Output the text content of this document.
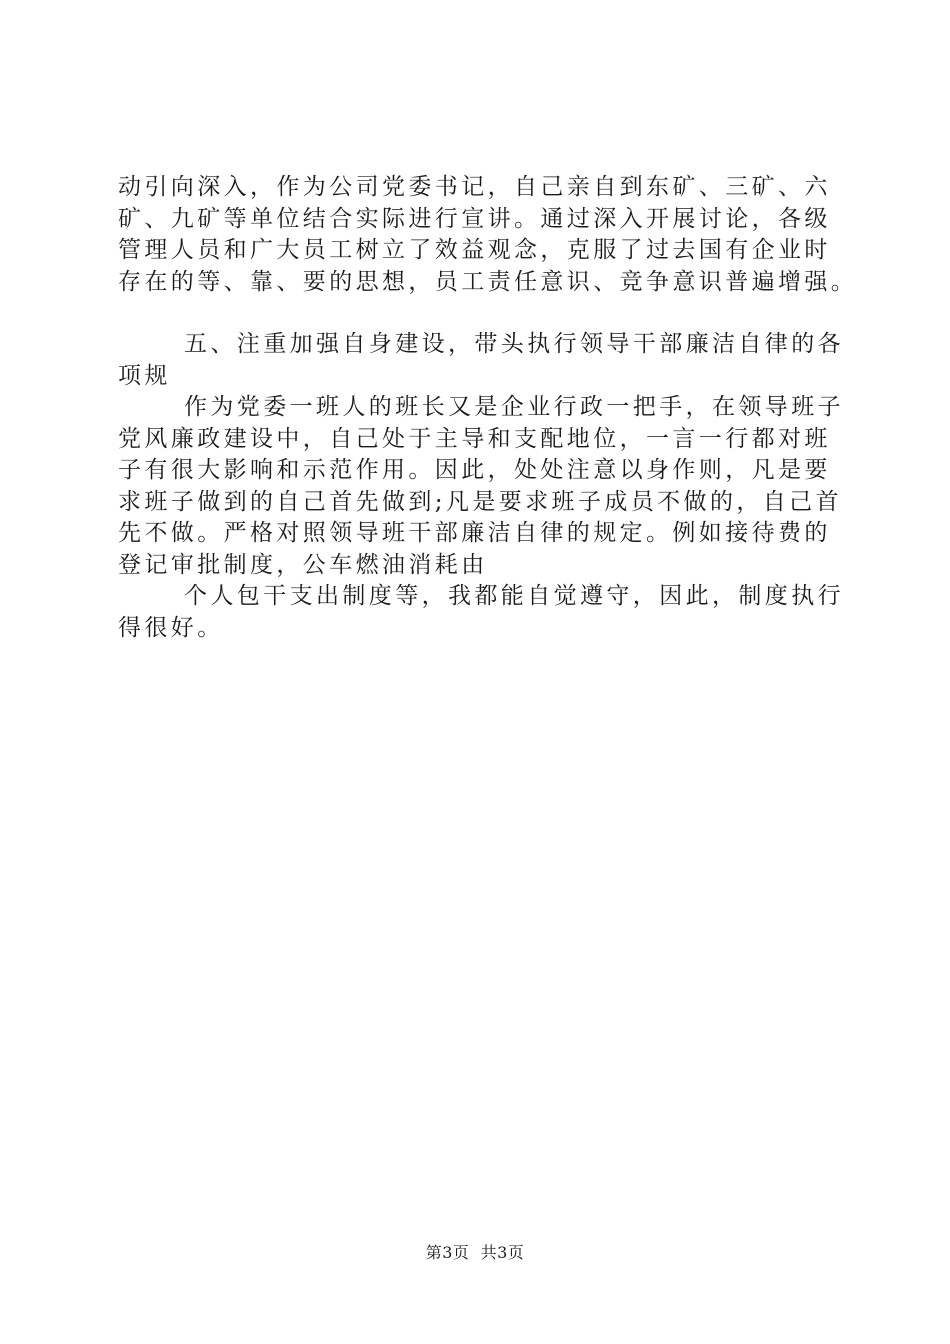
动引向深入，作为公司党委书记，自己亲自到东矿、三矿、六
矿、九矿等单位结合实际进行宣讲。通过深入开展讨论，各级
管理人员和广大员工树立了效益观念，克服了过去国有企业时
存在的等、靠、要的思想，员工责任意识、竞争意识普遍增强。
五、注重加强自身建设，带头执行领导干部廉洁自律的各
项规
作为党委一班人的班长又是企业行政一把手，在领导班子
党风廉政建设中，自己处于主导和支配地位，一言一行都对班
子有很大影响和示范作用。因此，处处注意以身作则，凡是要
求班子做到的自己首先做到;凡是要求班子成员不做的，自己首
先不做。严格对照领导班干部廉洁自律的规定。例如接待费的
登记审批制度，公车燃油消耗由
个人包干支出制度等，我都能自觉遵守，因此，制度执行
得很好。
第3页 共3页
